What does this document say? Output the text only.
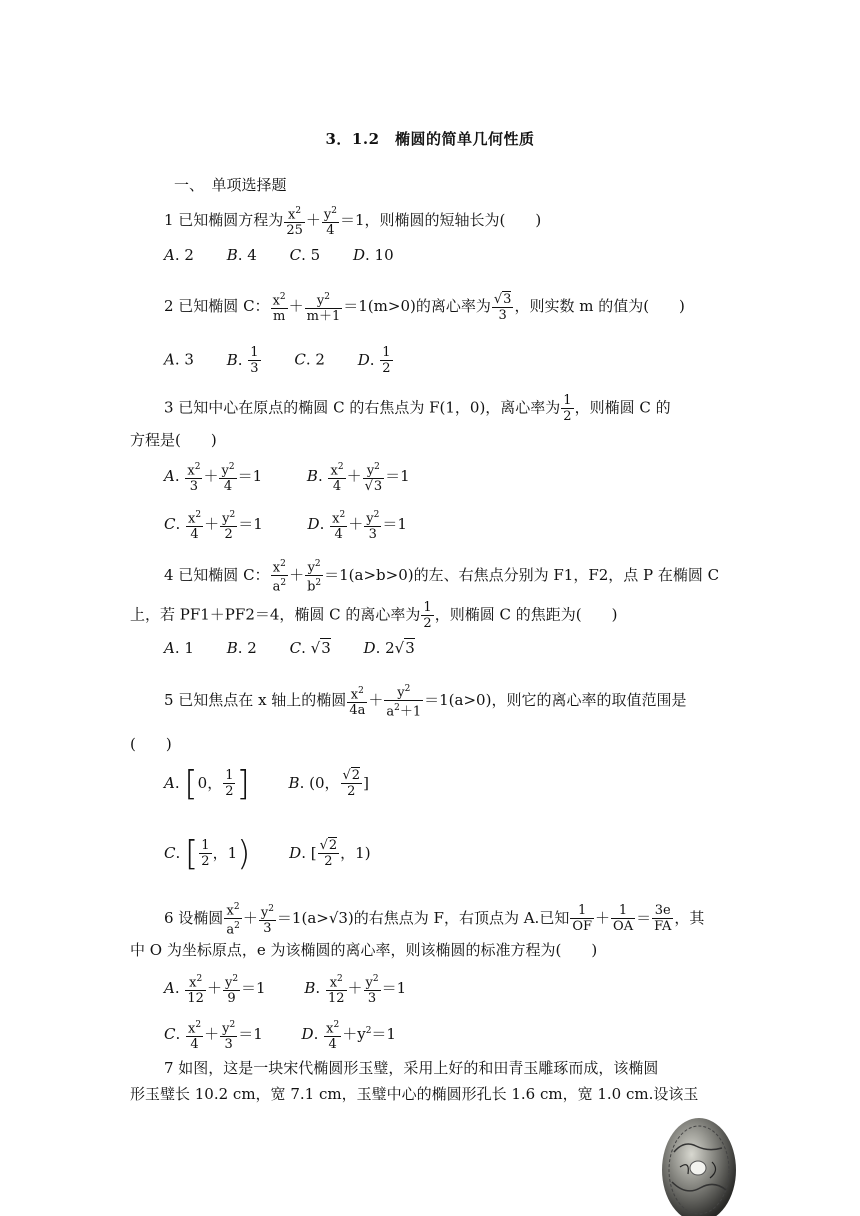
3．1.2　椭圆的简单几何性质
一、　单项选择题
1 已知椭圆方程为 $\frac{x^2}{25} + \frac{y^2}{4} =1$，则椭圆的短轴长为(　　)
A. 2 B. 4 C. 5 D. 10
2 已知椭圆 C： $\frac{x^2}{m} + \frac{y^2}{m+1} =1(m>0)$的离心率为 $\frac{√3}{3}$ ，则实数 m 的值为(　　)
A. 3 B. $\frac{1}{3} C$. 2 D. $\frac{1}{2}$
3 已知中心在原点的椭圆 C 的右焦点为 F(1，0)，离心率为 $\frac{1}{2}$ ，则椭圆 C 的
方程是(　　)
A. $\frac{x^2}{3} + \frac{y^2}{4} =1$	B. $\frac{x^2}{4} + \frac{y^2}{√3} =1$
C. $\frac{x^2}{4} + \frac{y^2}{2} =1$	D. $\frac{x^2}{4} + \frac{y^2}{3} =1$
4 已知椭圆 C： $\frac{x^2}{a^2} + \frac{y^2}{b^2} =1(a>b>0)$的左、右焦点分别为 F1，F2，点 P 在椭圆 C
上，若 PF1＋PF2＝4，椭圆 C 的离心率为 $\frac{1}{2}$ ，则椭圆 C 的焦距为(　　)
A. 1 B. 2 C. √3 D. 2√3
5 已知焦点在 x 轴上的椭圆 $\frac{x^2}{4a} + \frac{y^2}{a^2+1} =1(a>0)$，则它的离心率的取值范围是
(　　)
A. [0， $\frac{1}{2}$ ]	B. (0， $\frac{√2}{2}$ ]
C. [ $\frac{1}{2}$ ，1)	D. [ $\frac{√2}{2}$ ，1)
6 设椭圆 $\frac{x^2}{a^2} + \frac{y^2}{3} =1(a>√3)$的右焦点为 F，右顶点为 A.已知 $\frac{1}{OF} + \frac{1}{OA} = \frac{3e}{FA}$ ，其
中 O 为坐标原点，e 为该椭圆的离心率，则该椭圆的标准方程为(　　)
A. $\frac{x^2}{12} + \frac{y^2}{9} =1$	B. $\frac{x^2}{12} + \frac{y^2}{3} =1$
C. $\frac{x^2}{4} + \frac{y^2}{3} =1$	D. $\frac{x^2}{4} +y^2=1$
7 如图，这是一块宋代椭圆形玉璧，采用上好的和田青玉雕琢而成，该椭圆
形玉璧长 10.2 cm，宽 7.1 cm，玉璧中心的椭圆形孔长 1.6 cm，宽 1.0 cm.设该玉
